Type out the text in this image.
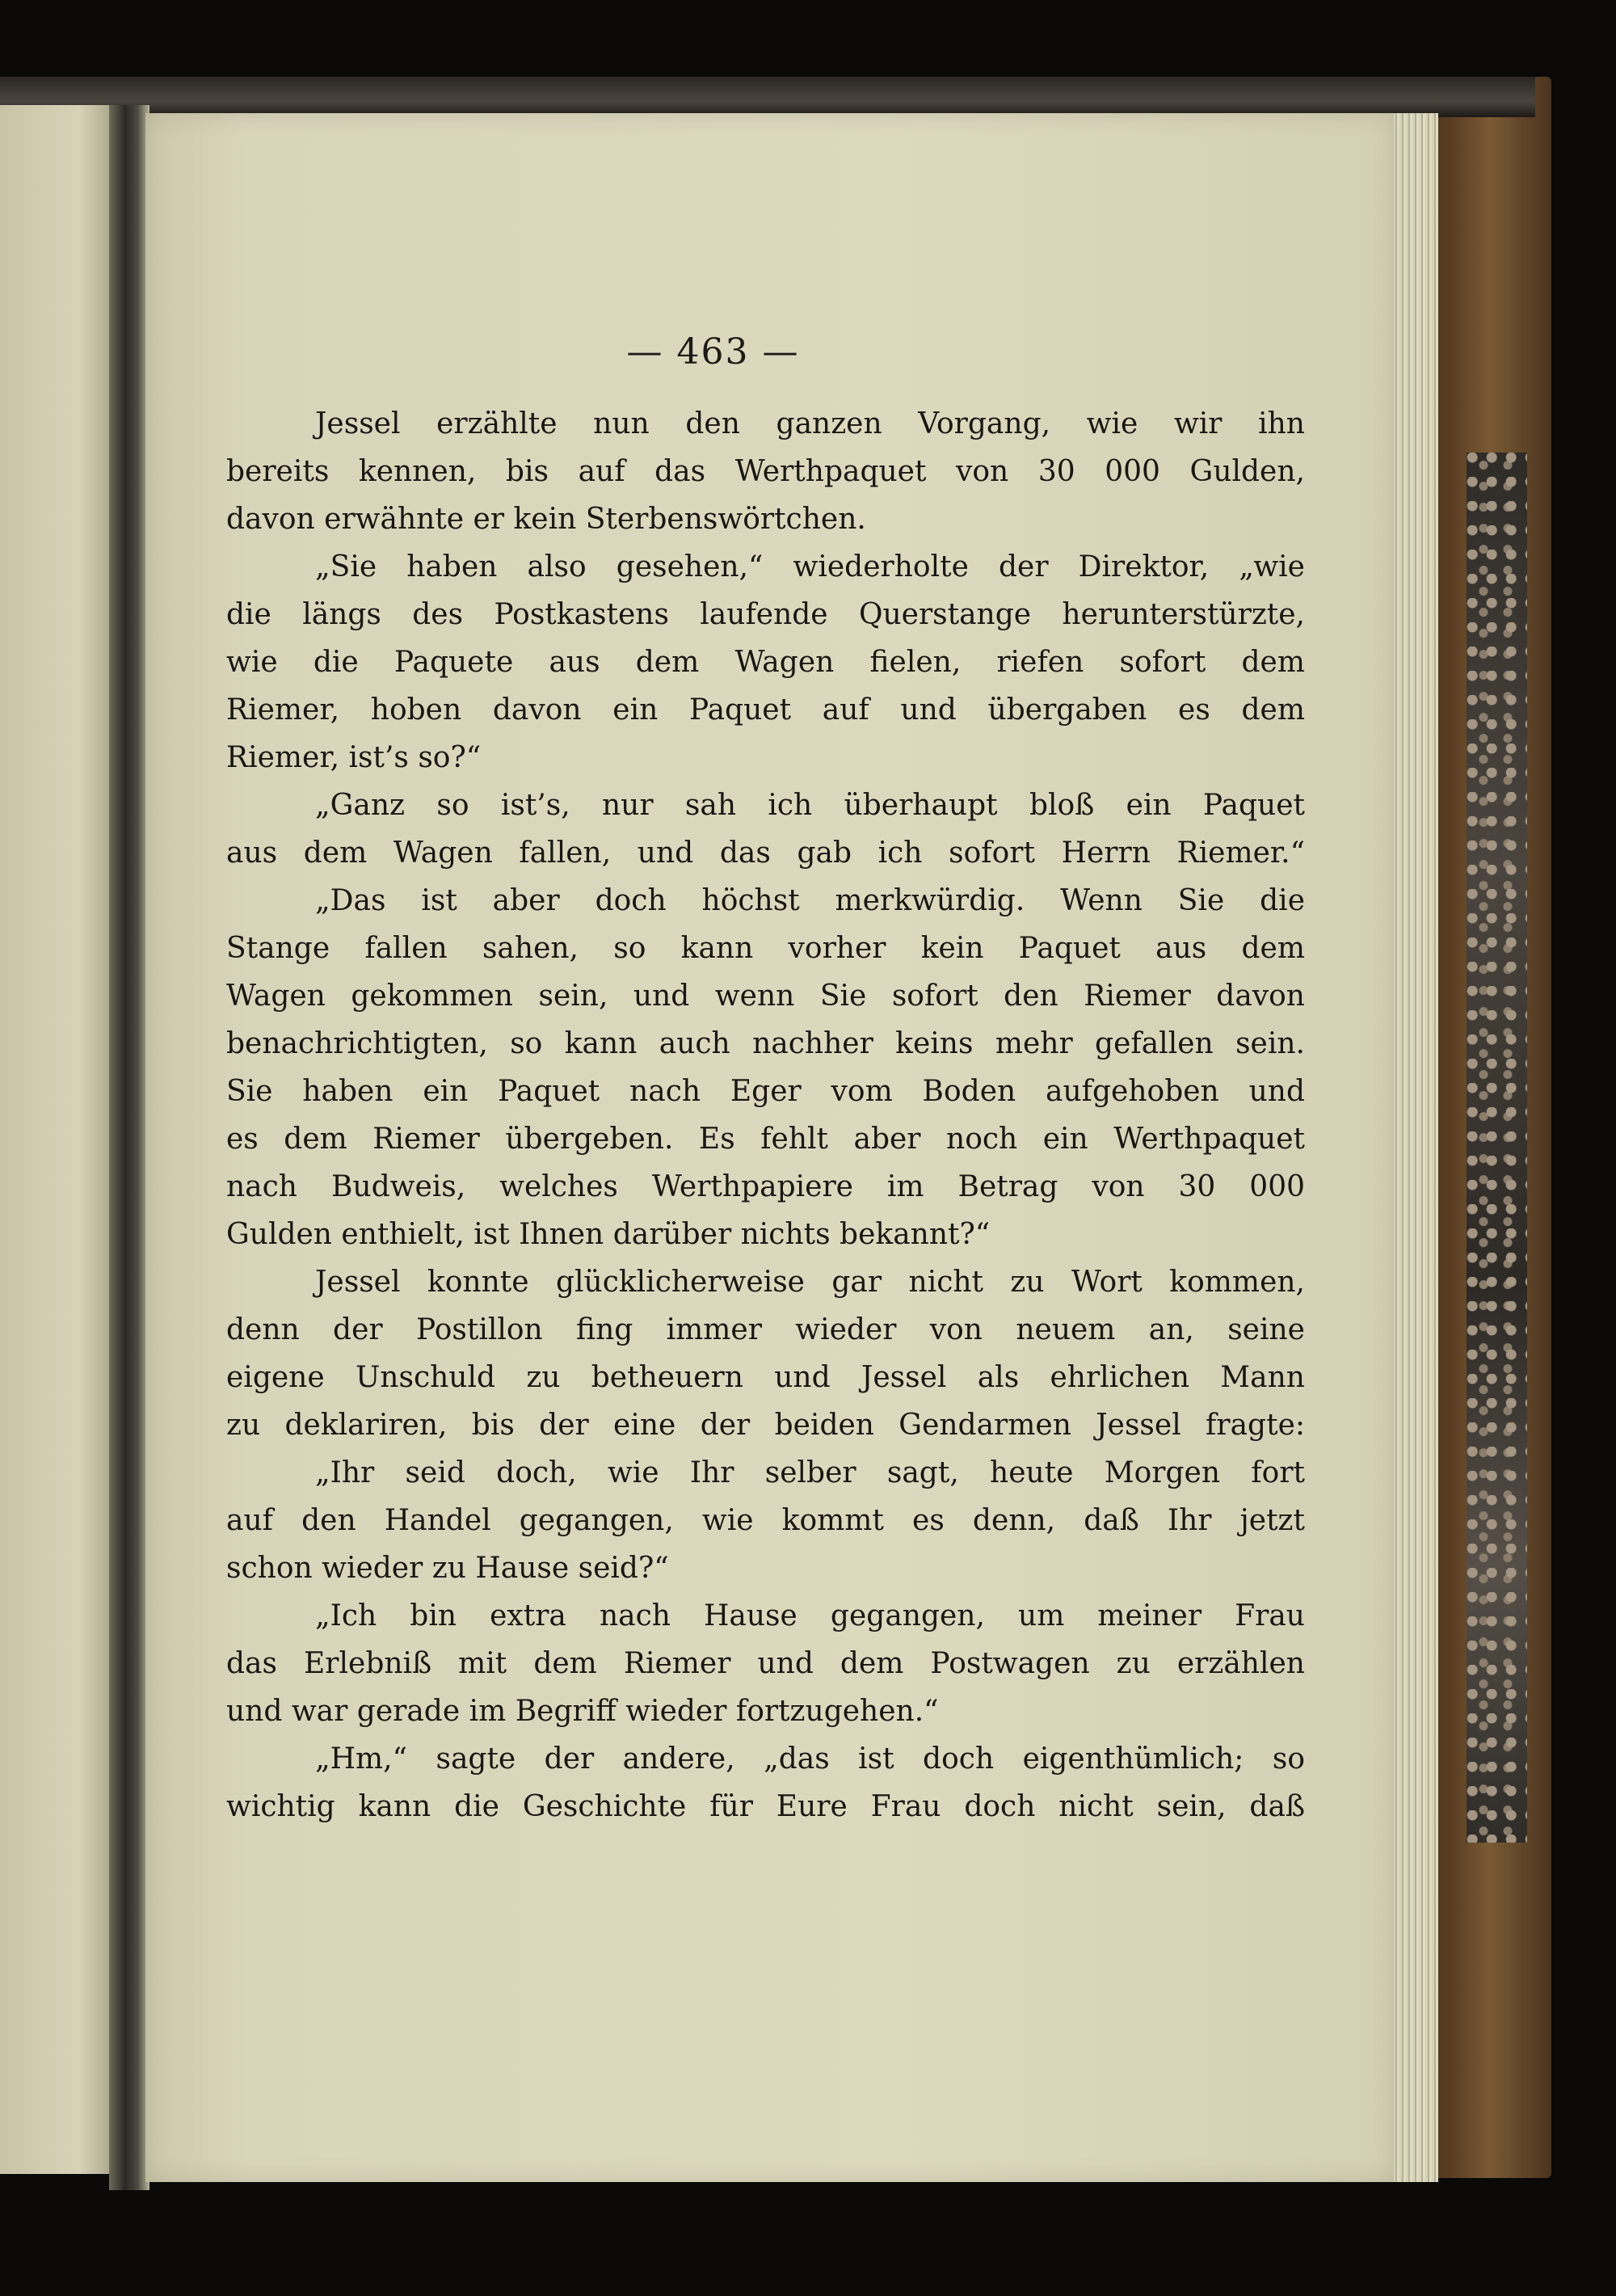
— 463 —
Jessel erzählte nun den ganzen Vorgang, wie wir ihn
bereits kennen, bis auf das Werthpaquet von 30 000 Gulden,
davon erwähnte er kein Sterbenswörtchen.
„Sie haben also gesehen,“ wiederholte der Direktor, „wie
die längs des Postkastens laufende Querstange herunterstürzte,
wie die Paquete aus dem Wagen fielen, riefen sofort dem
Riemer, hoben davon ein Paquet auf und übergaben es dem
Riemer, ist’s so?“
„Ganz so ist’s, nur sah ich überhaupt bloß ein Paquet
aus dem Wagen fallen, und das gab ich sofort Herrn Riemer.“
„Das ist aber doch höchst merkwürdig. Wenn Sie die
Stange fallen sahen, so kann vorher kein Paquet aus dem
Wagen gekommen sein, und wenn Sie sofort den Riemer davon
benachrichtigten, so kann auch nachher keins mehr gefallen sein.
Sie haben ein Paquet nach Eger vom Boden aufgehoben und
es dem Riemer übergeben. Es fehlt aber noch ein Werthpaquet
nach Budweis, welches Werthpapiere im Betrag von 30 000
Gulden enthielt, ist Ihnen darüber nichts bekannt?“
Jessel konnte glücklicherweise gar nicht zu Wort kommen,
denn der Postillon fing immer wieder von neuem an, seine
eigene Unschuld zu betheuern und Jessel als ehrlichen Mann
zu deklariren, bis der eine der beiden Gendarmen Jessel fragte:
„Ihr seid doch, wie Ihr selber sagt, heute Morgen fort
auf den Handel gegangen, wie kommt es denn, daß Ihr jetzt
schon wieder zu Hause seid?“
„Ich bin extra nach Hause gegangen, um meiner Frau
das Erlebniß mit dem Riemer und dem Postwagen zu erzählen
und war gerade im Begriff wieder fortzugehen.“
„Hm,“ sagte der andere, „das ist doch eigenthümlich; so
wichtig kann die Geschichte für Eure Frau doch nicht sein, daß
